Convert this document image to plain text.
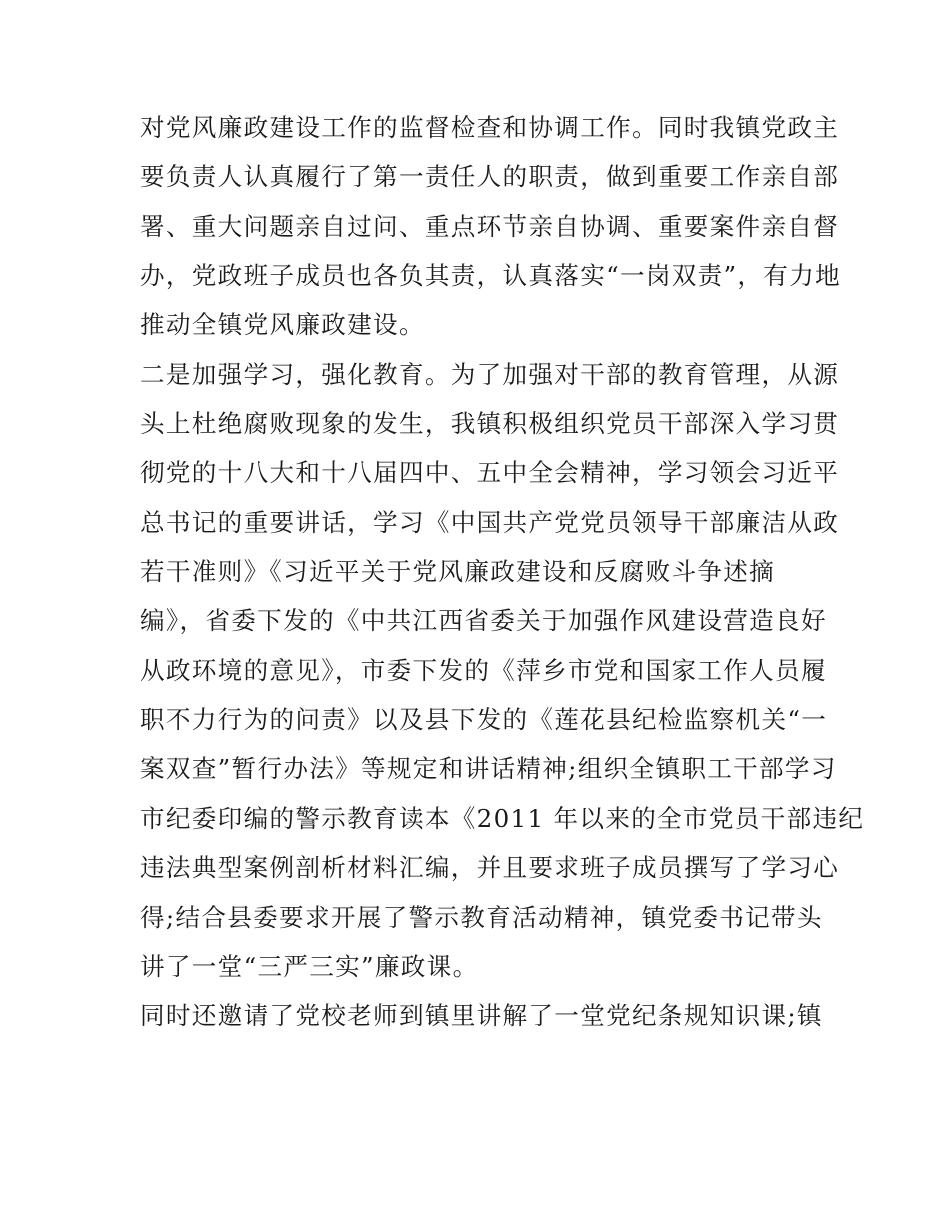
对党风廉政建设工作的监督检查和协调工作。同时我镇党政主
要负责人认真履行了第一责任人的职责，做到重要工作亲自部
署、重大问题亲自过问、重点环节亲自协调、重要案件亲自督
办，党政班子成员也各负其责，认真落实“一岗双责”，有力地
推动全镇党风廉政建设。
二是加强学习，强化教育。为了加强对干部的教育管理，从源
头上杜绝腐败现象的发生，我镇积极组织党员干部深入学习贯
彻党的十八大和十八届四中、五中全会精神，学习领会习近平
总书记的重要讲话，学习《中国共产党党员领导干部廉洁从政
若干准则》《习近平关于党风廉政建设和反腐败斗争述摘
编》，省委下发的《中共江西省委关于加强作风建设营造良好
从政环境的意见》，市委下发的《萍乡市党和国家工作人员履
职不力行为的问责》以及县下发的《莲花县纪检监察机关“一
案双查”暂行办法》等规定和讲话精神;组织全镇职工干部学习
市纪委印编的警示教育读本《2011 年以来的全市党员干部违纪
违法典型案例剖析材料汇编，并且要求班子成员撰写了学习心
得;结合县委要求开展了警示教育活动精神，镇党委书记带头
讲了一堂“三严三实”廉政课。
同时还邀请了党校老师到镇里讲解了一堂党纪条规知识课;镇
